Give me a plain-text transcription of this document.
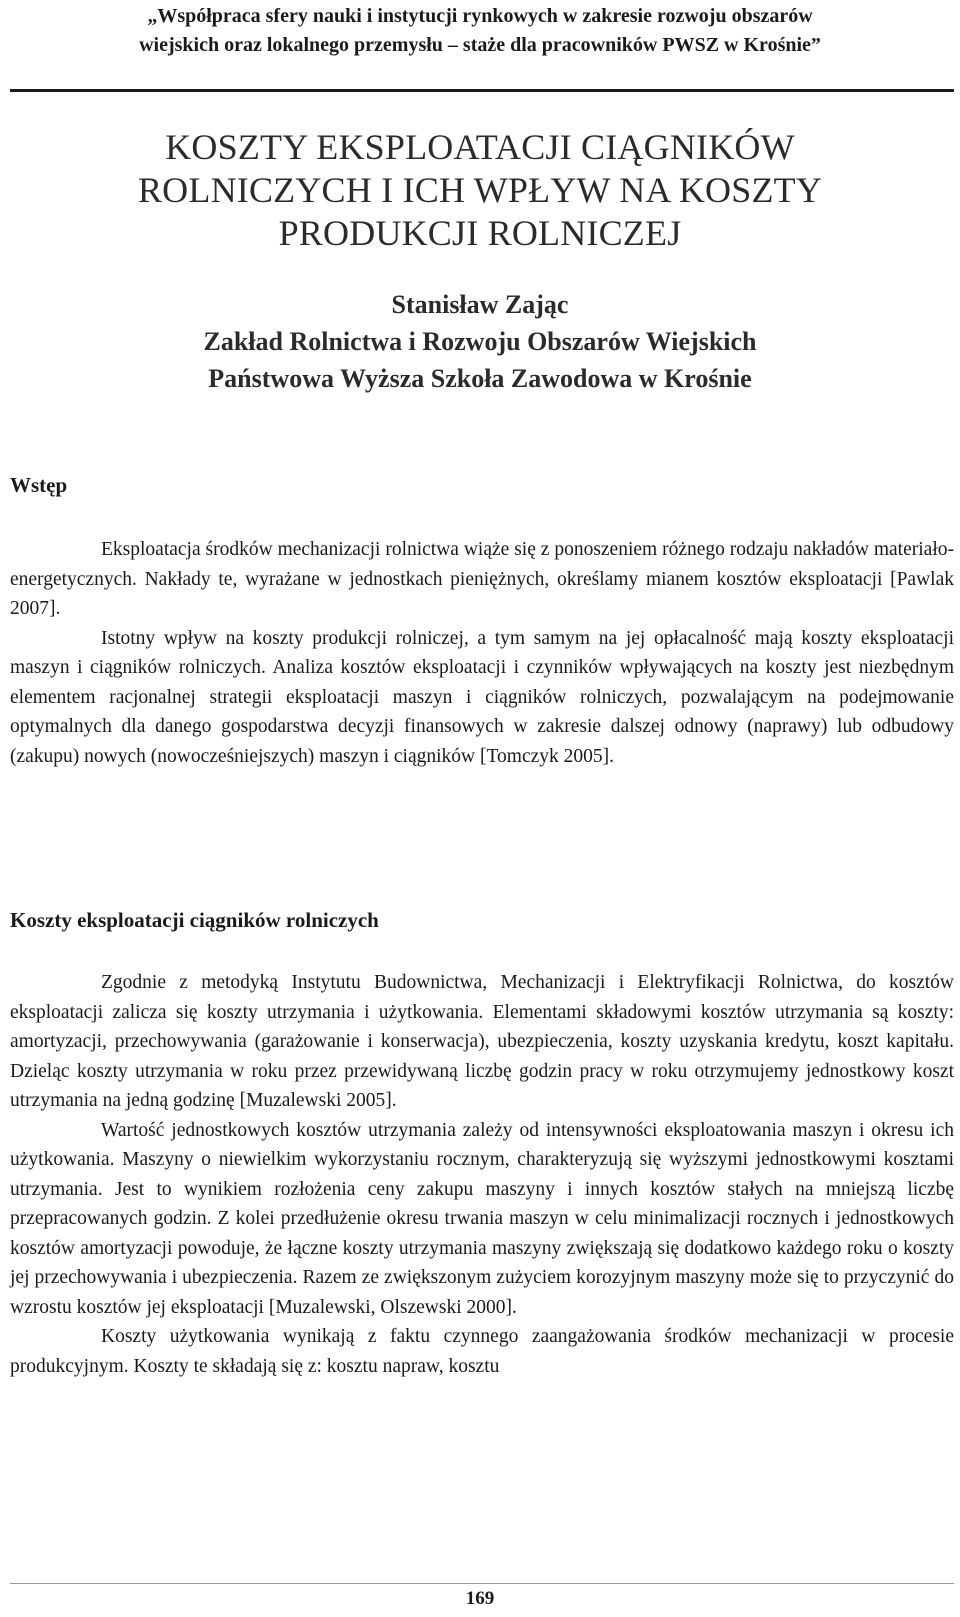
„Współpraca sfery nauki i instytucji rynkowych w zakresie rozwoju obszarów
wiejskich oraz lokalnego przemysłu – staże dla pracowników PWSZ w Krośnie”
KOSZTY EKSPLOATACJI CIĄGNIKÓW
ROLNICZYCH I ICH WPŁYW NA KOSZTY
PRODUKCJI ROLNICZEJ
Stanisław Zając
Zakład Rolnictwa i Rozwoju Obszarów Wiejskich
Państwowa Wyższa Szkoła Zawodowa w Krośnie
Wstęp

Eksploatacja środków mechanizacji rolnictwa wiąże się z ponoszeniem różnego rodzaju nakładów materiało-energetycznych. Nakłady te, wyrażane w jednostkach pieniężnych, określamy mianem kosztów eksploatacji [Pawlak 2007].

Istotny wpływ na koszty produkcji rolniczej, a tym samym na jej opłacalność mają koszty eksploatacji maszyn i ciągników rolniczych. Analiza kosztów eksploatacji i czynników wpływających na koszty jest niezbędnym elementem racjonalnej strategii eksploatacji maszyn i ciągników rolniczych, pozwalającym na podejmowanie optymalnych dla danego gospodarstwa decyzji finansowych w zakresie dalszej odnowy (naprawy) lub odbudowy (zakupu) nowych (nowocześniejszych) maszyn i ciągników [Tomczyk 2005].

Koszty eksploatacji ciągników rolniczych

Zgodnie z metodyką Instytutu Budownictwa, Mechanizacji i Elektryfikacji Rolnictwa, do kosztów eksploatacji zalicza się koszty utrzymania i użytkowania. Elementami składowymi kosztów utrzymania są koszty: amortyzacji, przechowywania (garażowanie i konserwacja), ubezpieczenia, koszty uzyskania kredytu, koszt kapitału. Dzieląc koszty utrzymania w roku przez przewidywaną liczbę godzin pracy w roku otrzymujemy jednostkowy koszt utrzymania na jedną godzinę [Muzalewski 2005].

Wartość jednostkowych kosztów utrzymania zależy od intensywności eksploatowania maszyn i okresu ich użytkowania. Maszyny o niewielkim wykorzystaniu rocznym, charakteryzują się wyższymi jednostkowymi kosztami utrzymania. Jest to wynikiem rozłożenia ceny zakupu maszyny i innych kosztów stałych na mniejszą liczbę przepracowanych godzin. Z kolei przedłużenie okresu trwania maszyn w celu minimalizacji rocznych i jednostkowych kosztów amortyzacji powoduje, że łączne koszty utrzymania maszyny zwiększają się dodatkowo każdego roku o koszty jej przechowywania i ubezpieczenia. Razem ze zwiększonym zużyciem korozyjnym maszyny może się to przyczynić do wzrostu kosztów jej eksploatacji [Muzalewski, Olszewski 2000].

Koszty użytkowania wynikają z faktu czynnego zaangażowania środków mechanizacji w procesie produkcyjnym. Koszty te składają się z: kosztu napraw, kosztu

169
